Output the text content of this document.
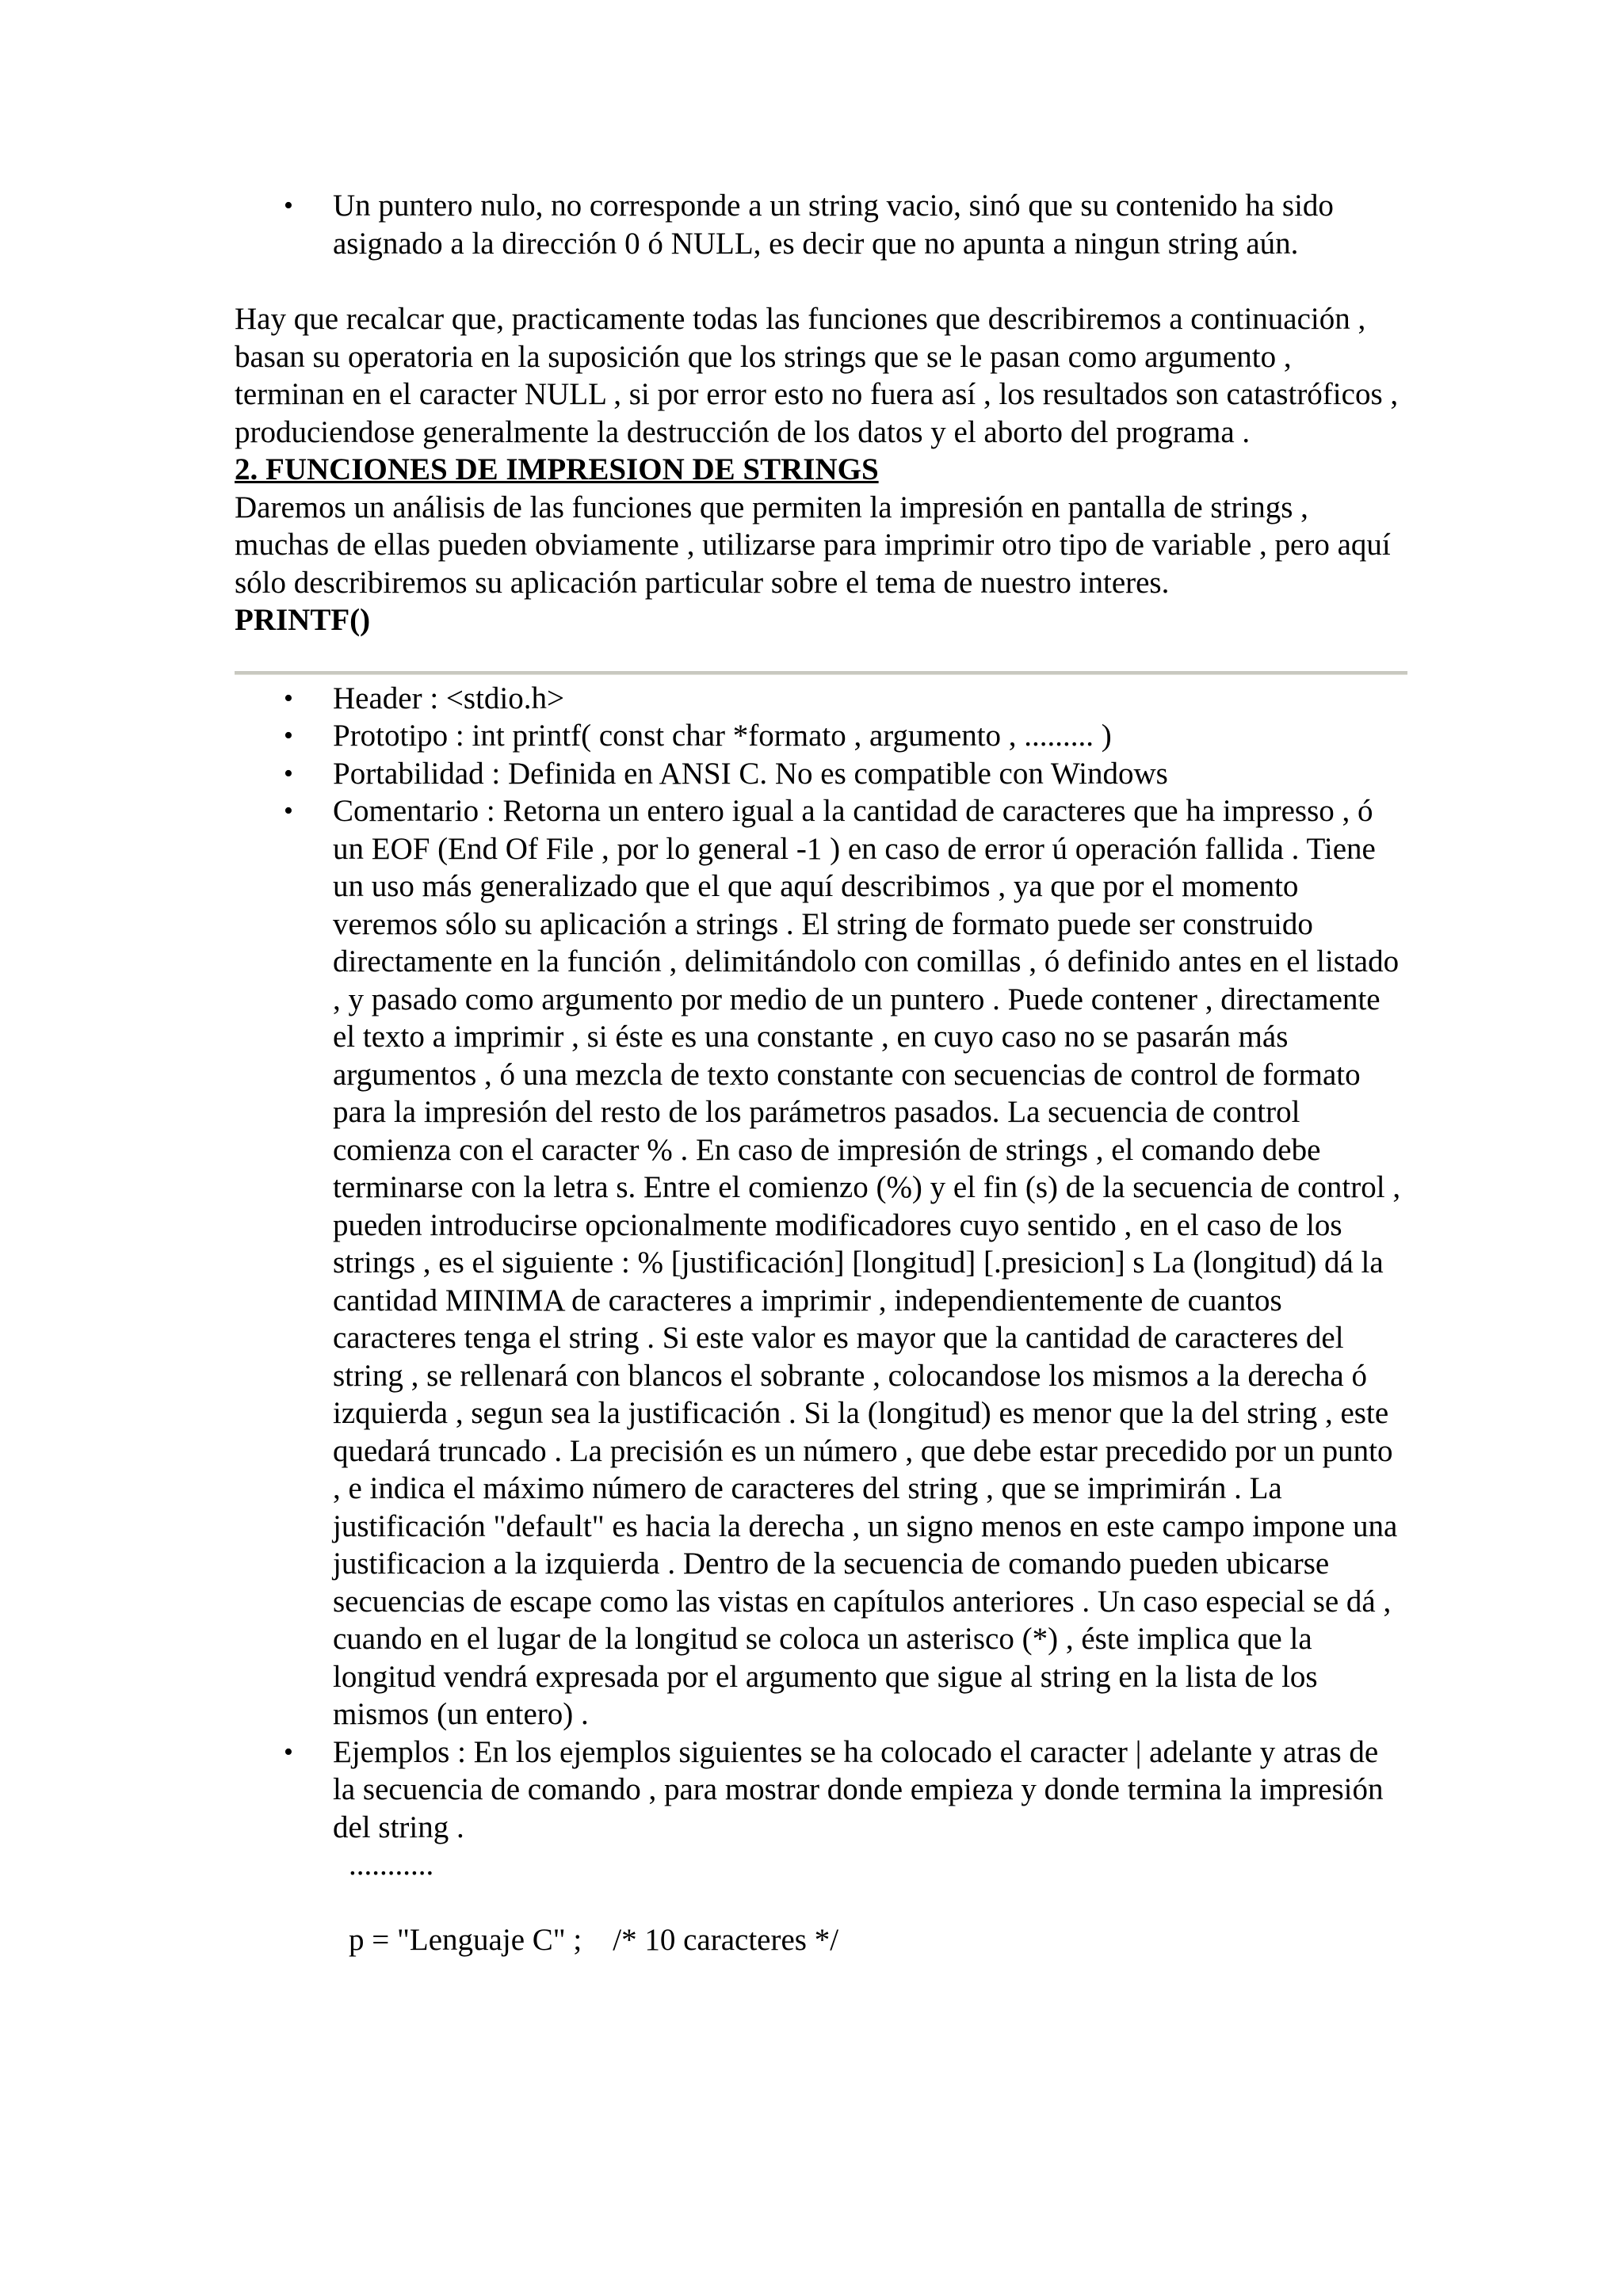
• Un puntero nulo, no corresponde a un string vacio, sinó que su contenido ha sido asignado a la dirección 0 ó NULL, es decir que no apunta a ningun string aún.

Hay que recalcar que, practicamente todas las funciones que describiremos a continuación , basan su operatoria en la suposición que los strings que se le pasan como argumento , terminan en el caracter NULL , si por error esto no fuera así , los resultados son catastróficos , produciendose generalmente la destrucción de los datos y el aborto del programa .

2. FUNCIONES DE IMPRESION DE STRINGS

Daremos un análisis de las funciones que permiten la impresión en pantalla de strings , muchas de ellas pueden obviamente , utilizarse para imprimir otro tipo de variable , pero aquí sólo describiremos su aplicación particular sobre el tema de nuestro interes.

PRINTF()
• Header : <stdio.h>
• Prototipo : int printf( const char *formato , argumento , ......... )
• Portabilidad : Definida en ANSI C. No es compatible con Windows
• Comentario : Retorna un entero igual a la cantidad de caracteres que ha impresso , ó un EOF (End Of File , por lo general -1 ) en caso de error ú operación fallida . Tiene un uso más generalizado que el que aquí describimos , ya que por el momento veremos sólo su aplicación a strings . El string de formato puede ser construido directamente en la función , delimitándolo con comillas , ó definido antes en el listado , y pasado como argumento por medio de un puntero . Puede contener , directamente el texto a imprimir , si éste es una constante , en cuyo caso no se pasarán más argumentos , ó una mezcla de texto constante con secuencias de control de formato para la impresión del resto de los parámetros pasados. La secuencia de control comienza con el caracter % . En caso de impresión de strings , el comando debe terminarse con la letra s. Entre el comienzo (%) y el fin (s) de la secuencia de control , pueden introducirse opcionalmente modificadores cuyo sentido , en el caso de los strings , es el siguiente : % [justificación] [longitud] [.presicion] s La (longitud) dá la cantidad MINIMA de caracteres a imprimir , independientemente de cuantos caracteres tenga el string . Si este valor es mayor que la cantidad de caracteres del string , se rellenará con blancos el sobrante , colocandose los mismos a la derecha ó izquierda , segun sea la justificación . Si la (longitud) es menor que la del string , este quedará truncado . La precisión es un número , que debe estar precedido por un punto , e indica el máximo número de caracteres del string , que se imprimirán . La justificación "default" es hacia la derecha , un signo menos en este campo impone una justificacion a la izquierda . Dentro de la secuencia de comando pueden ubicarse secuencias de escape como las vistas en capítulos anteriores . Un caso especial se dá , cuando en el lugar de la longitud se coloca un asterisco (*) , éste implica que la longitud vendrá expresada por el argumento que sigue al string en la lista de los mismos (un entero) .
• Ejemplos : En los ejemplos siguientes se ha colocado el caracter | adelante y atras de la secuencia de comando , para mostrar donde empieza y donde termina la impresión del string .
...........
p = "Lenguaje C" ;    /* 10 caracteres */
